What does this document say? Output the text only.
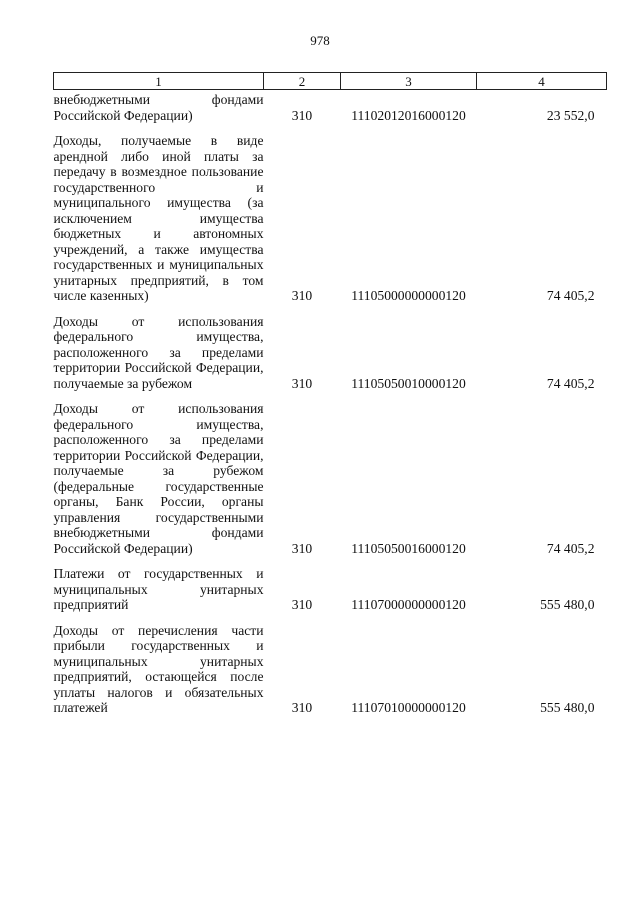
978
1	2	3	4
внебюджетными фондами Российской Федерации)	310	11102012016000120	23 552,0
Доходы, получаемые в виде арендной либо иной платы за передачу в возмездное пользование государственного и муниципального имущества (за исключением имущества бюджетных и автономных учреждений, а также имущества государственных и муниципальных унитарных предприятий, в том числе казенных)	310	11105000000000120	74 405,2
Доходы от использования федерального имущества, расположенного за пределами территории Российской Федерации, получаемые за рубежом	310	11105050010000120	74 405,2
Доходы от использования федерального имущества, расположенного за пределами территории Российской Федерации, получаемые за рубежом (федеральные государственные органы, Банк России, органы управления государственными внебюджетными фондами Российской Федерации)	310	11105050016000120	74 405,2
Платежи от государственных и муниципальных унитарных предприятий	310	11107000000000120	555 480,0
Доходы от перечисления части прибыли государственных и муниципальных унитарных предприятий, остающейся после уплаты налогов и обязательных платежей	310	11107010000000120	555 480,0
